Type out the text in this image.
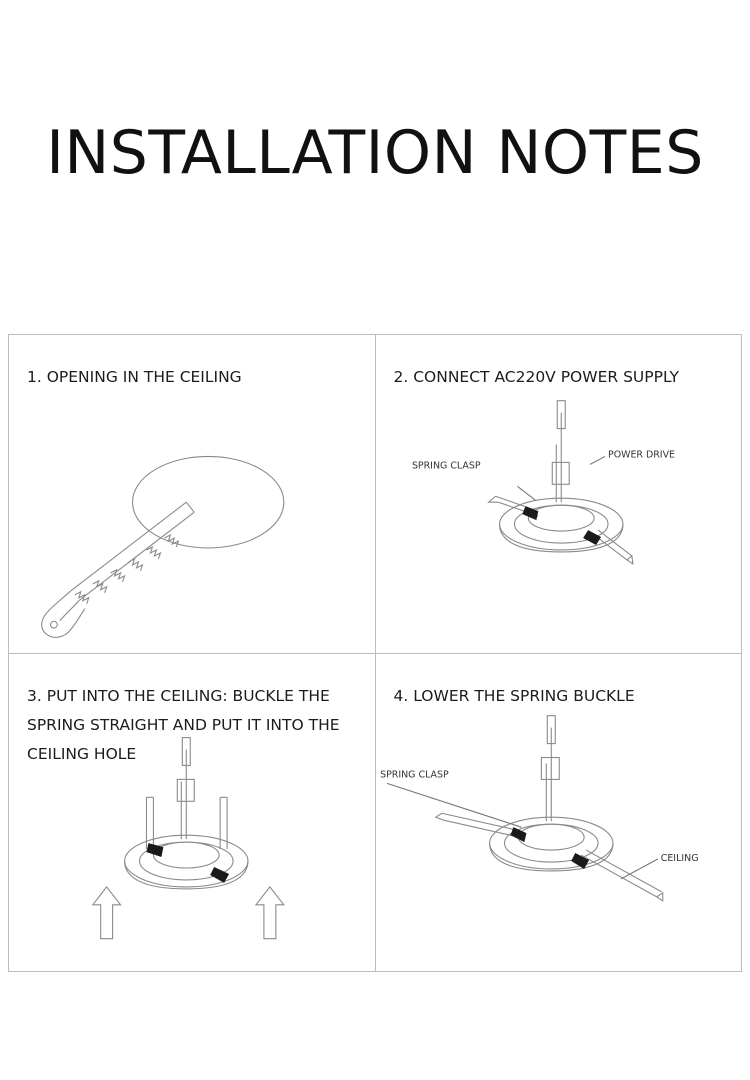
INSTALLATION NOTES
1. OPENING IN THE CEILING	2. CONNECT AC220V POWER SUPPLY
SPRING CLASP
POWER DRIVE
3. PUT INTO THE CEILING: BUCKLE THE SPRING STRAIGHT AND PUT IT INTO THE CEILING HOLE
4. LOWER THE SPRING BUCKLE
SPRING CLASP
CEILING
